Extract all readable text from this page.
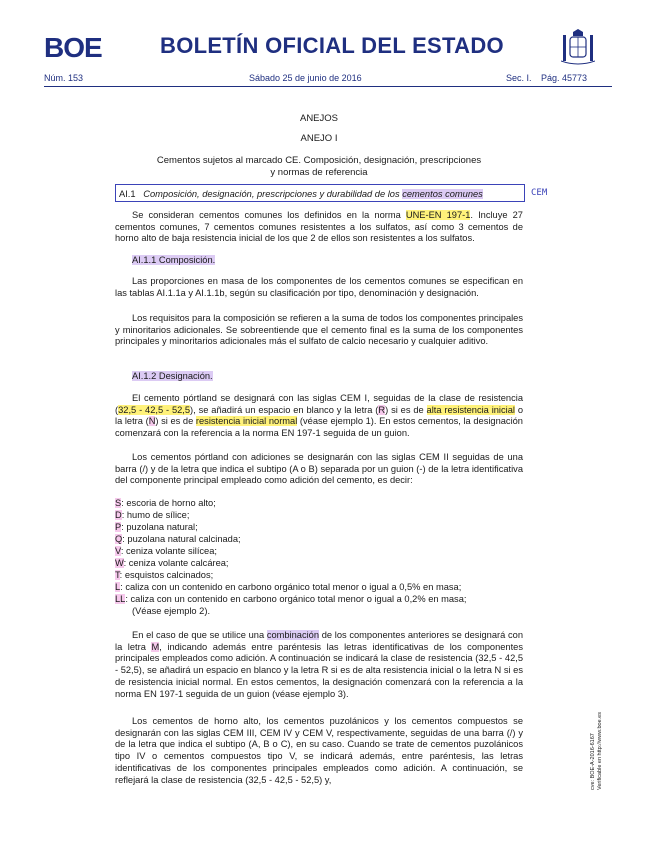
BOE	BOLETÍN OFICIAL DEL ESTADO
Núm. 153	Sábado 25 de junio de 2016	Sec. I. Pág. 45773
ANEJOS
ANEJO I
Cementos sujetos al marcado CE. Composición, designación, prescripciones
y normas de referencia
AI.1 Composición, designación, prescripciones y durabilidad de los cementos comunes	CEM
Se consideran cementos comunes los definidos en la norma UNE-EN 197-1. Incluye 27 cementos comunes, 7 cementos comunes resistentes a los sulfatos, así como 3 cementos de horno alto de baja resistencia inicial de los que 2 de ellos son resistentes a los sulfatos.
AI.1.1 Composición.
Las proporciones en masa de los componentes de los cementos comunes se especifican en las tablas AI.1.1a y AI.1.1b, según su clasificación por tipo, denominación y designación.
Los requisitos para la composición se refieren a la suma de todos los componentes principales y minoritarios adicionales. Se sobreentiende que el cemento final es la suma de los componentes principales y minoritarios adicionales más el sulfato de calcio necesario y cualquier aditivo.
AI.1.2 Designación.
El cemento pórtland se designará con las siglas CEM I, seguidas de la clase de resistencia (32,5 - 42,5 - 52,5), se añadirá un espacio en blanco y la letra (R) si es de alta resistencia inicial o la letra (N) si es de resistencia inicial normal (véase ejemplo 1). En estos cementos, la designación comenzará con la referencia a la norma EN 197-1 seguida de un guion.
Los cementos pórtland con adiciones se designarán con las siglas CEM II seguidas de una barra (/) y de la letra que indica el subtipo (A o B) separada por un guion (-) de la letra identificativa del componente principal empleado como adición del cemento, es decir:
S: escoria de horno alto;
D: humo de sílice;
P: puzolana natural;
Q: puzolana natural calcinada;
V: ceniza volante silícea;
W: ceniza volante calcárea;
T: esquistos calcinados;
L: caliza con un contenido en carbono orgánico total menor o igual a 0,5% en masa;
LL: caliza con un contenido en carbono orgánico total menor o igual a 0,2% en masa;
(Véase ejemplo 2).
En el caso de que se utilice una combinación de los componentes anteriores se designará con la letra M, indicando además entre paréntesis las letras identificativas de los componentes principales empleados como adición. A continuación se indicará la clase de resistencia (32,5 - 42,5 - 52,5), se añadirá un espacio en blanco y la letra R si es de alta resistencia inicial o la letra N si es de resistencia inicial normal. En estos cementos, la designación comenzará con la referencia a la norma EN 197-1 seguida de un guion (véase ejemplo 3).
Los cementos de horno alto, los cementos puzolánicos y los cementos compuestos se designarán con las siglas CEM III, CEM IV y CEM V, respectivamente, seguidas de una barra (/) y de la letra que indica el subtipo (A, B o C), en su caso. Cuando se trate de cementos puzolánicos tipo IV o cementos compuestos tipo V, se indicará además, entre paréntesis, las letras identificativas de los componentes principales empleados como adición. A continuación, se reflejará la clase de resistencia (32,5 - 42,5 - 52,5) y,	cve: BOE-A-2016-6167 Verificable en http://www.boe.es
